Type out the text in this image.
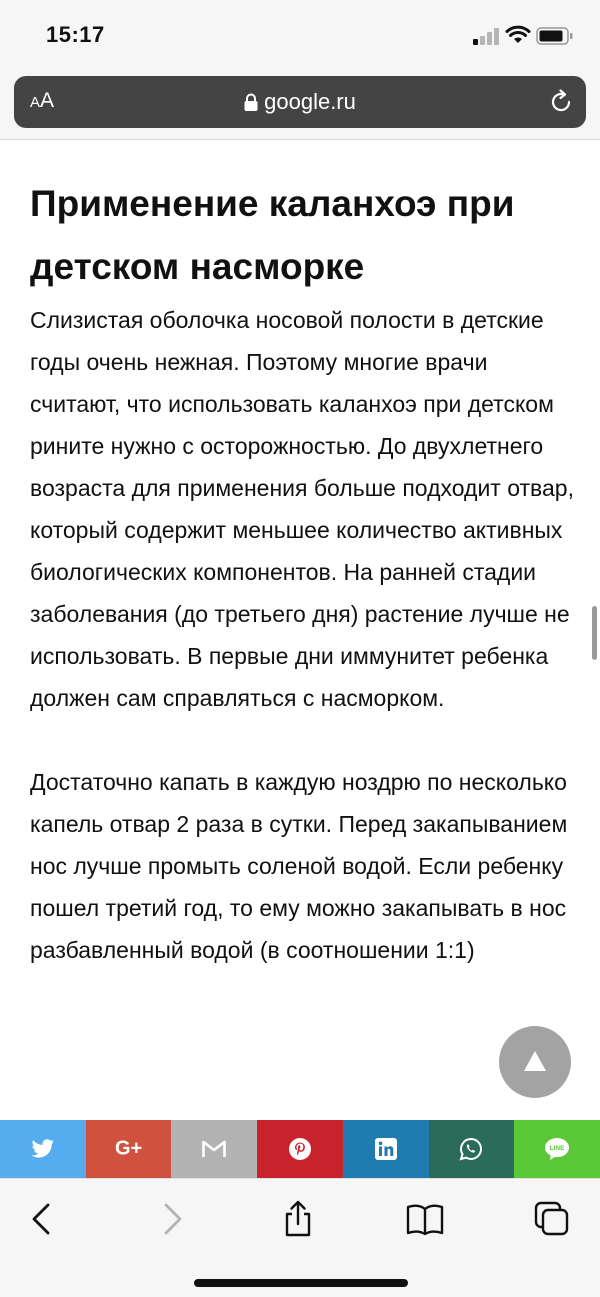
15:17
AA	google.ru
Применение каланхоэ при детском насморке

Слизистая оболочка носовой полости в детские годы очень нежная. Поэтому многие врачи считают, что использовать каланхоэ при детском рините нужно с осторожностью. До двухлетнего возраста для применения больше подходит отвар, который содержит меньшее количество активных биологических компонентов. На ранней стадии заболевания (до третьего дня) растение лучше не использовать. В первые дни иммунитет ребенка должен сам справляться с насморком.

Достаточно капать в каждую ноздрю по несколько капель отвар 2 раза в сутки. Перед закапыванием нос лучше промыть соленой водой. Если ребенку пошел третий год, то ему можно закапывать в нос разбавленный водой (в соотношении 1:1)

G+	LINE
